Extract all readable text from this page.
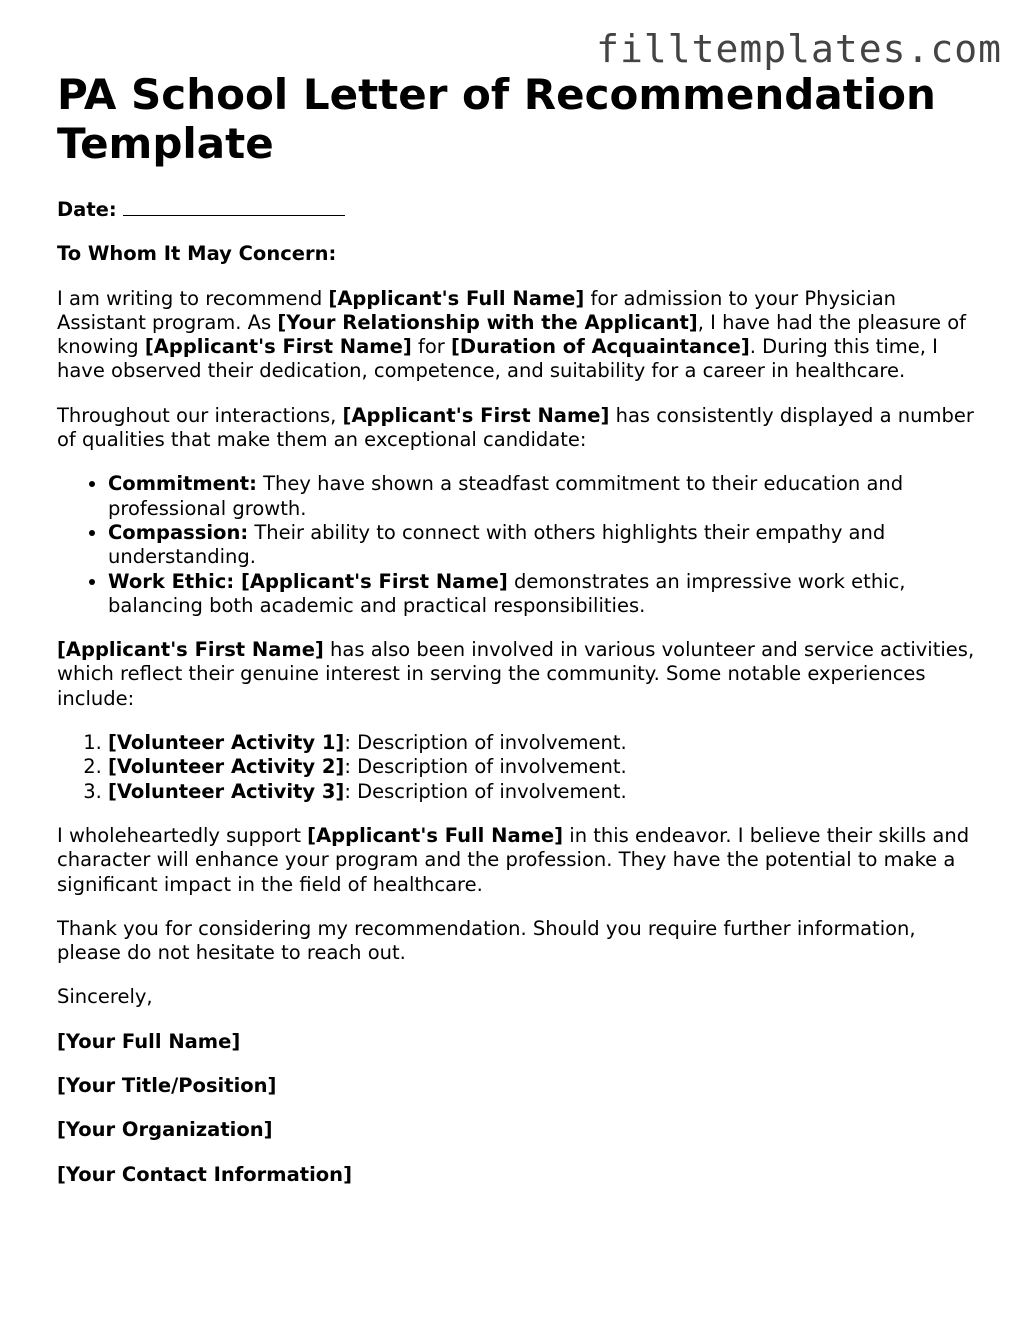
filltemplates.com
PA School Letter of Recommendation
Template

Date:

To Whom It May Concern:

I am writing to recommend [Applicant's Full Name] for admission to your Physician Assistant program. As [Your Relationship with the Applicant], I have had the pleasure of knowing [Applicant's First Name] for [Duration of Acquaintance]. During this time, I have observed their dedication, competence, and suitability for a career in healthcare.

Throughout our interactions, [Applicant's First Name] has consistently displayed a number of qualities that make them an exceptional candidate:

• Commitment: They have shown a steadfast commitment to their education and professional growth.
• Compassion: Their ability to connect with others highlights their empathy and understanding.
• Work Ethic: [Applicant's First Name] demonstrates an impressive work ethic, balancing both academic and practical responsibilities.

[Applicant's First Name] has also been involved in various volunteer and service activities, which reflect their genuine interest in serving the community. Some notable experiences include:

1. [Volunteer Activity 1]: Description of involvement.
2. [Volunteer Activity 2]: Description of involvement.
3. [Volunteer Activity 3]: Description of involvement.

I wholeheartedly support [Applicant's Full Name] in this endeavor. I believe their skills and character will enhance your program and the profession. They have the potential to make a significant impact in the field of healthcare.

Thank you for considering my recommendation. Should you require further information, please do not hesitate to reach out.

Sincerely,

[Your Full Name]

[Your Title/Position]

[Your Organization]

[Your Contact Information]
